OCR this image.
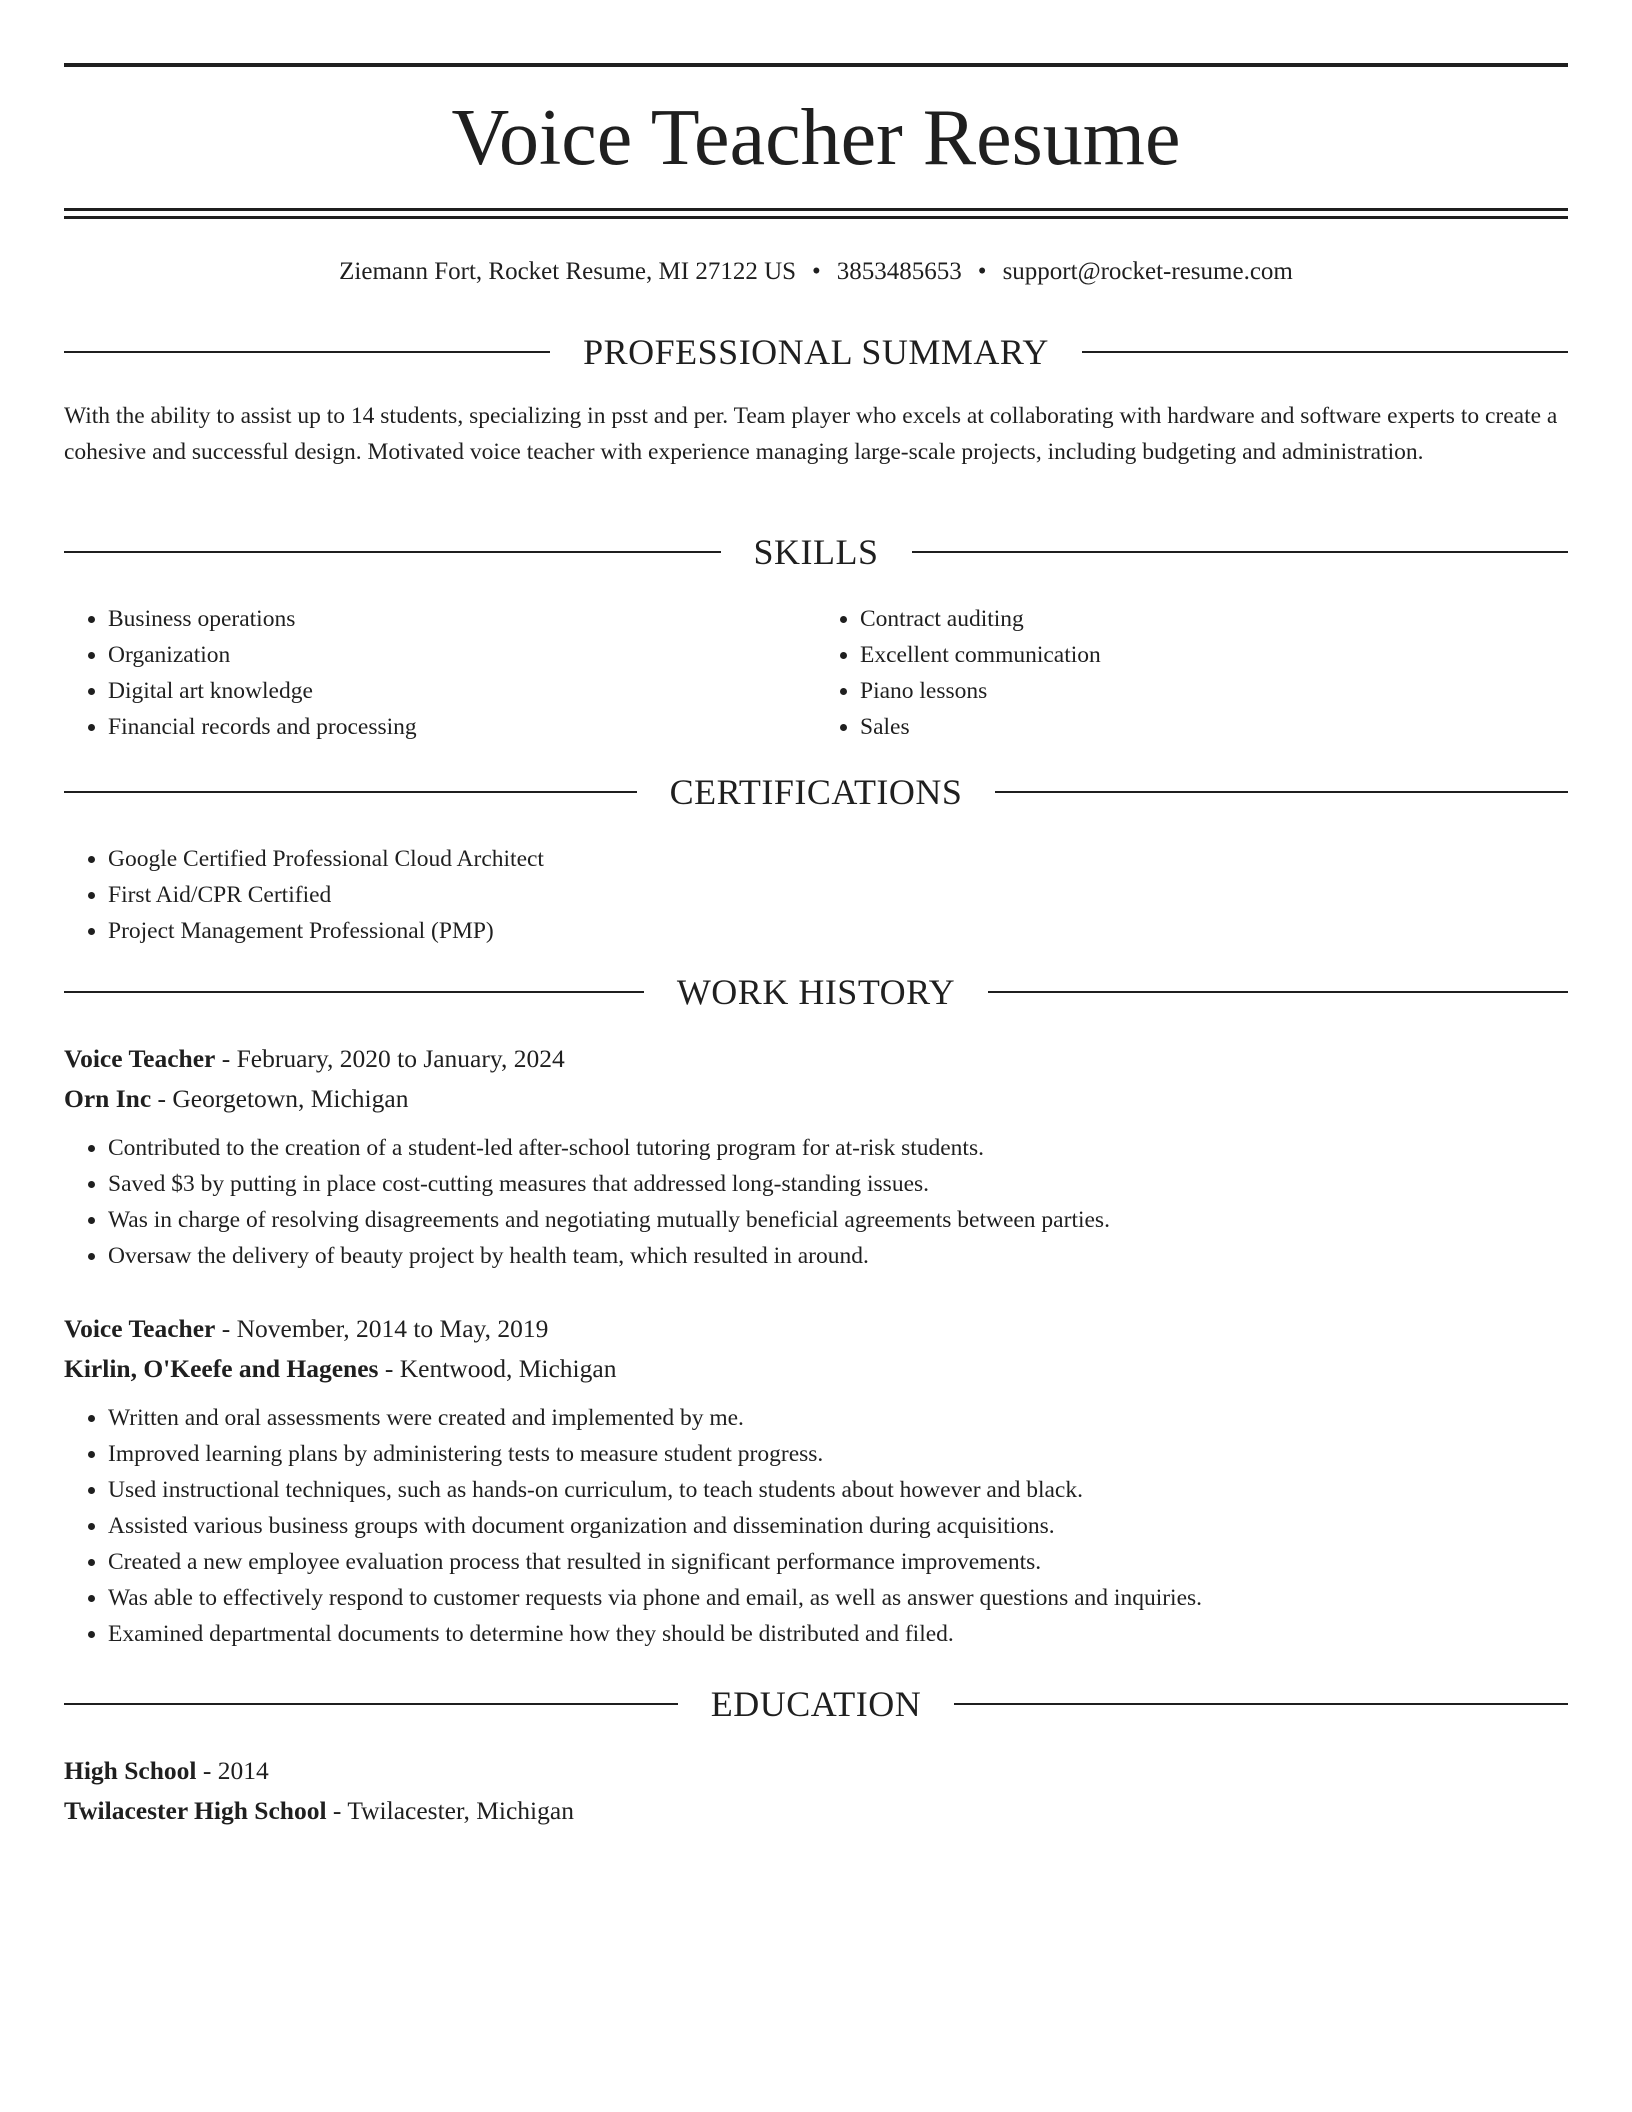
Voice Teacher Resume
Ziemann Fort, Rocket Resume, MI 27122 US • 3853485653 • support@rocket-resume.com
PROFESSIONAL SUMMARY

With the ability to assist up to 14 students, specializing in psst and per. Team player who excels at collaborating with hardware and software experts to create a cohesive and successful design. Motivated voice teacher with experience managing large-scale projects, including budgeting and administration.

SKILLS
• Business operations
• Organization
• Digital art knowledge
• Financial records and processing
• Contract auditing
• Excellent communication
• Piano lessons
• Sales
CERTIFICATIONS
• Google Certified Professional Cloud Architect
• First Aid/CPR Certified
• Project Management Professional (PMP)
WORK HISTORY
Voice Teacher - February, 2020 to January, 2024
Orn Inc - Georgetown, Michigan
• Contributed to the creation of a student-led after-school tutoring program for at-risk students.
• Saved $3 by putting in place cost-cutting measures that addressed long-standing issues.
• Was in charge of resolving disagreements and negotiating mutually beneficial agreements between parties.
• Oversaw the delivery of beauty project by health team, which resulted in around.
Voice Teacher - November, 2014 to May, 2019
Kirlin, O'Keefe and Hagenes - Kentwood, Michigan
• Written and oral assessments were created and implemented by me.
• Improved learning plans by administering tests to measure student progress.
• Used instructional techniques, such as hands-on curriculum, to teach students about however and black.
• Assisted various business groups with document organization and dissemination during acquisitions.
• Created a new employee evaluation process that resulted in significant performance improvements.
• Was able to effectively respond to customer requests via phone and email, as well as answer questions and inquiries.
• Examined departmental documents to determine how they should be distributed and filed.
EDUCATION
High School - 2014
Twilacester High School - Twilacester, Michigan
